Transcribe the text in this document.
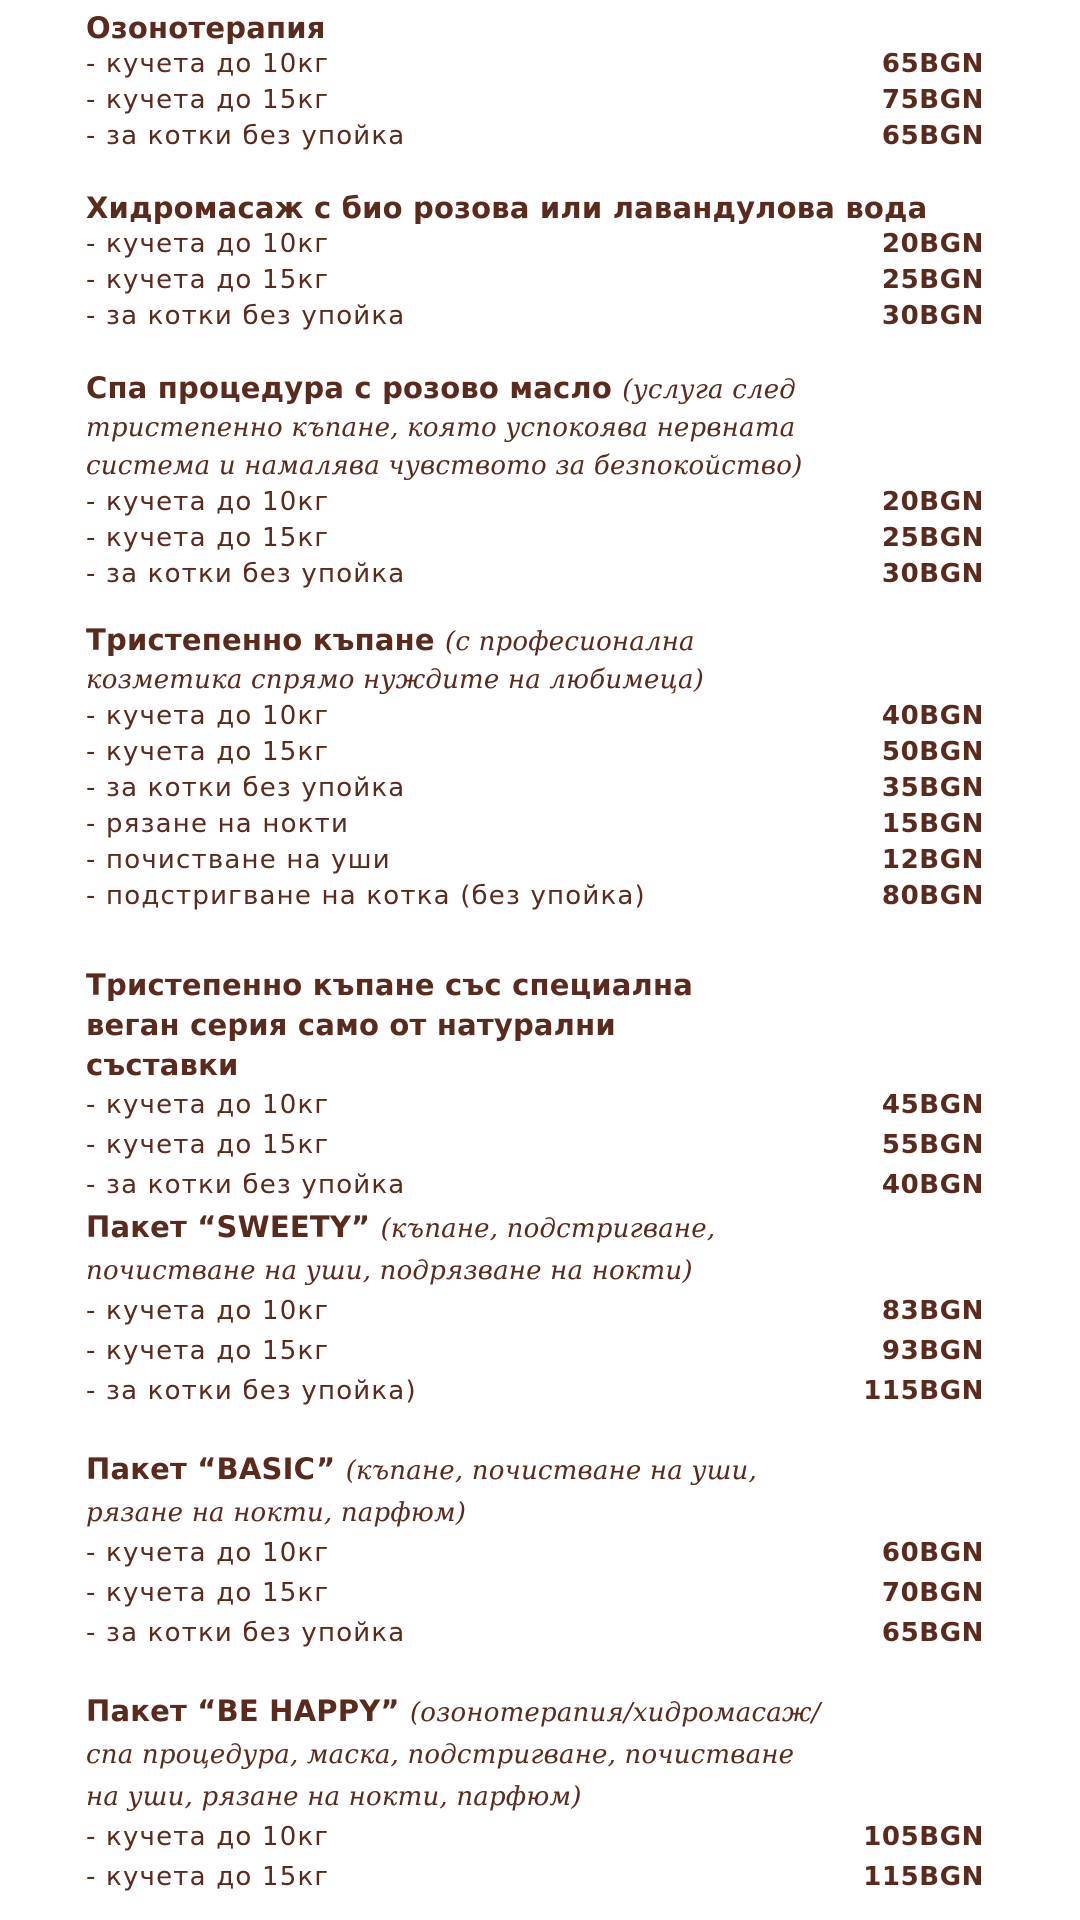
Озонотерапия
- кучета до 10кг	65BGN
- кучета до 15кг	75BGN
- за котки без упойка	65BGN
Хидромасаж с био розова или лавандулова вода
- кучета до 10кг	20BGN
- кучета до 15кг	25BGN
- за котки без упойка	30BGN
Спа процедура с розово масло (услуга след тристепенно къпане, която успокоява нервната система и намалява чувството за безпокойство)
- кучета до 10кг	20BGN
- кучета до 15кг	25BGN
- за котки без упойка	30BGN
Тристепенно къпане (с професионална козметика спрямо нуждите на любимеца)
- кучета до 10кг	40BGN
- кучета до 15кг	50BGN
- за котки без упойка	35BGN
- рязане на нокти	15BGN
- почистване на уши	12BGN
- подстригване на котка (без упойка)	80BGN
Тристепенно къпане със специална веган серия само от натурални съставки
- кучета до 10кг	45BGN
- кучета до 15кг	55BGN
- за котки без упойка	40BGN
Пакет “SWEETY” (къпане, подстригване, почистване на уши, подрязване на нокти)
- кучета до 10кг	83BGN
- кучета до 15кг	93BGN
- за котки без упойка)	115BGN
Пакет “BASIC” (къпане, почистване на уши, рязане на нокти, парфюм)
- кучета до 10кг	60BGN
- кучета до 15кг	70BGN
- за котки без упойка	65BGN
Пакет “BE HAPPY” (озонотерапия/хидромасаж/спа процедура, маска, подстригване, почистване на уши, рязане на нокти, парфюм)
- кучета до 10кг	105BGN
- кучета до 15кг	115BGN
